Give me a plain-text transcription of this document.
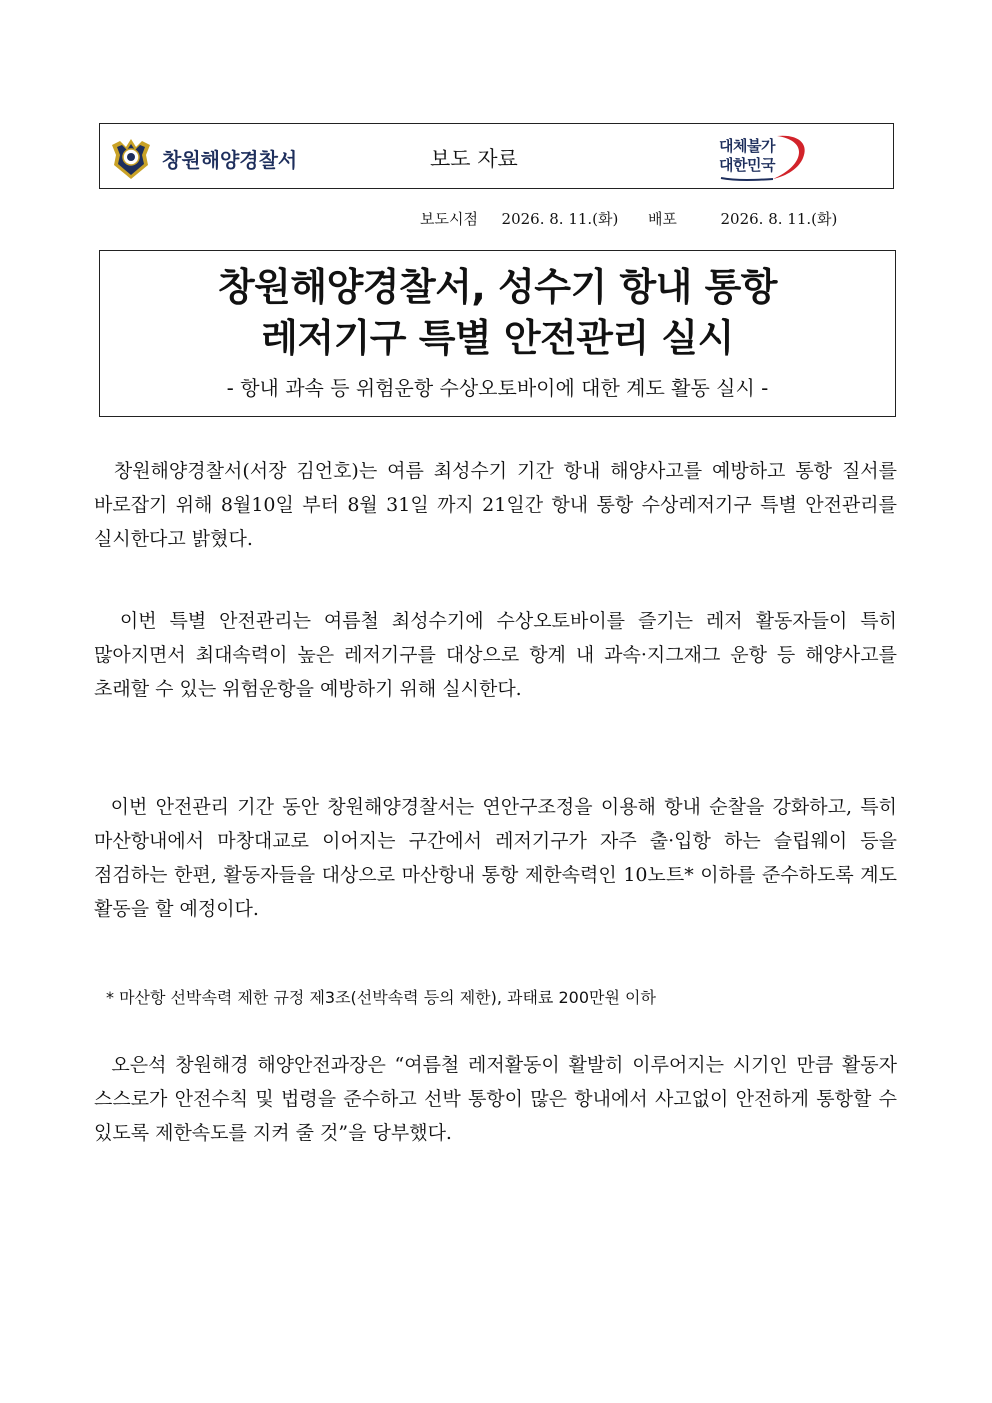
창원해양경찰서	보도 자료
대체불가
대한민국
보도시점 2026. 8. 11.(화) 배포	2026. 8. 11.(화)
창원해양경찰서, 성수기 항내 통항
레저기구 특별 안전관리 실시
- 항내 과속 등 위험운항 수상오토바이에 대한 계도 활동 실시 -
창원해양경찰서(서장 김언호)는 여름 최성수기 기간 항내 해양사고를 예방하고 통항 질서를 바로잡기 위해 8월10일 부터 8월 31일 까지 21일간 항내 통항 수상레저기구 특별 안전관리를 실시한다고 밝혔다.
이번 특별 안전관리는 여름철 최성수기에 수상오토바이를 즐기는 레저 활동자들이 특히 많아지면서 최대속력이 높은 레저기구를 대상으로 항계 내 과속·지그재그 운항 등 해양사고를 초래할 수 있는 위험운항을 예방하기 위해 실시한다.
이번 안전관리 기간 동안 창원해양경찰서는 연안구조정을 이용해 항내 순찰을 강화하고, 특히 마산항내에서 마창대교로 이어지는 구간에서 레저기구가 자주 출·입항 하는 슬립웨이 등을 점검하는 한편, 활동자들을 대상으로 마산항내 통항 제한속력인 10노트* 이하를 준수하도록 계도 활동을 할 예정이다.
* 마산항 선박속력 제한 규정 제3조(선박속력 등의 제한), 과태료 200만원 이하
오은석 창원해경 해양안전과장은 “여름철 레저활동이 활발히 이루어지는 시기인 만큼 활동자 스스로가 안전수칙 및 법령을 준수하고 선박 통항이 많은 항내에서 사고없이 안전하게 통항할 수 있도록 제한속도를 지켜 줄 것”을 당부했다.
